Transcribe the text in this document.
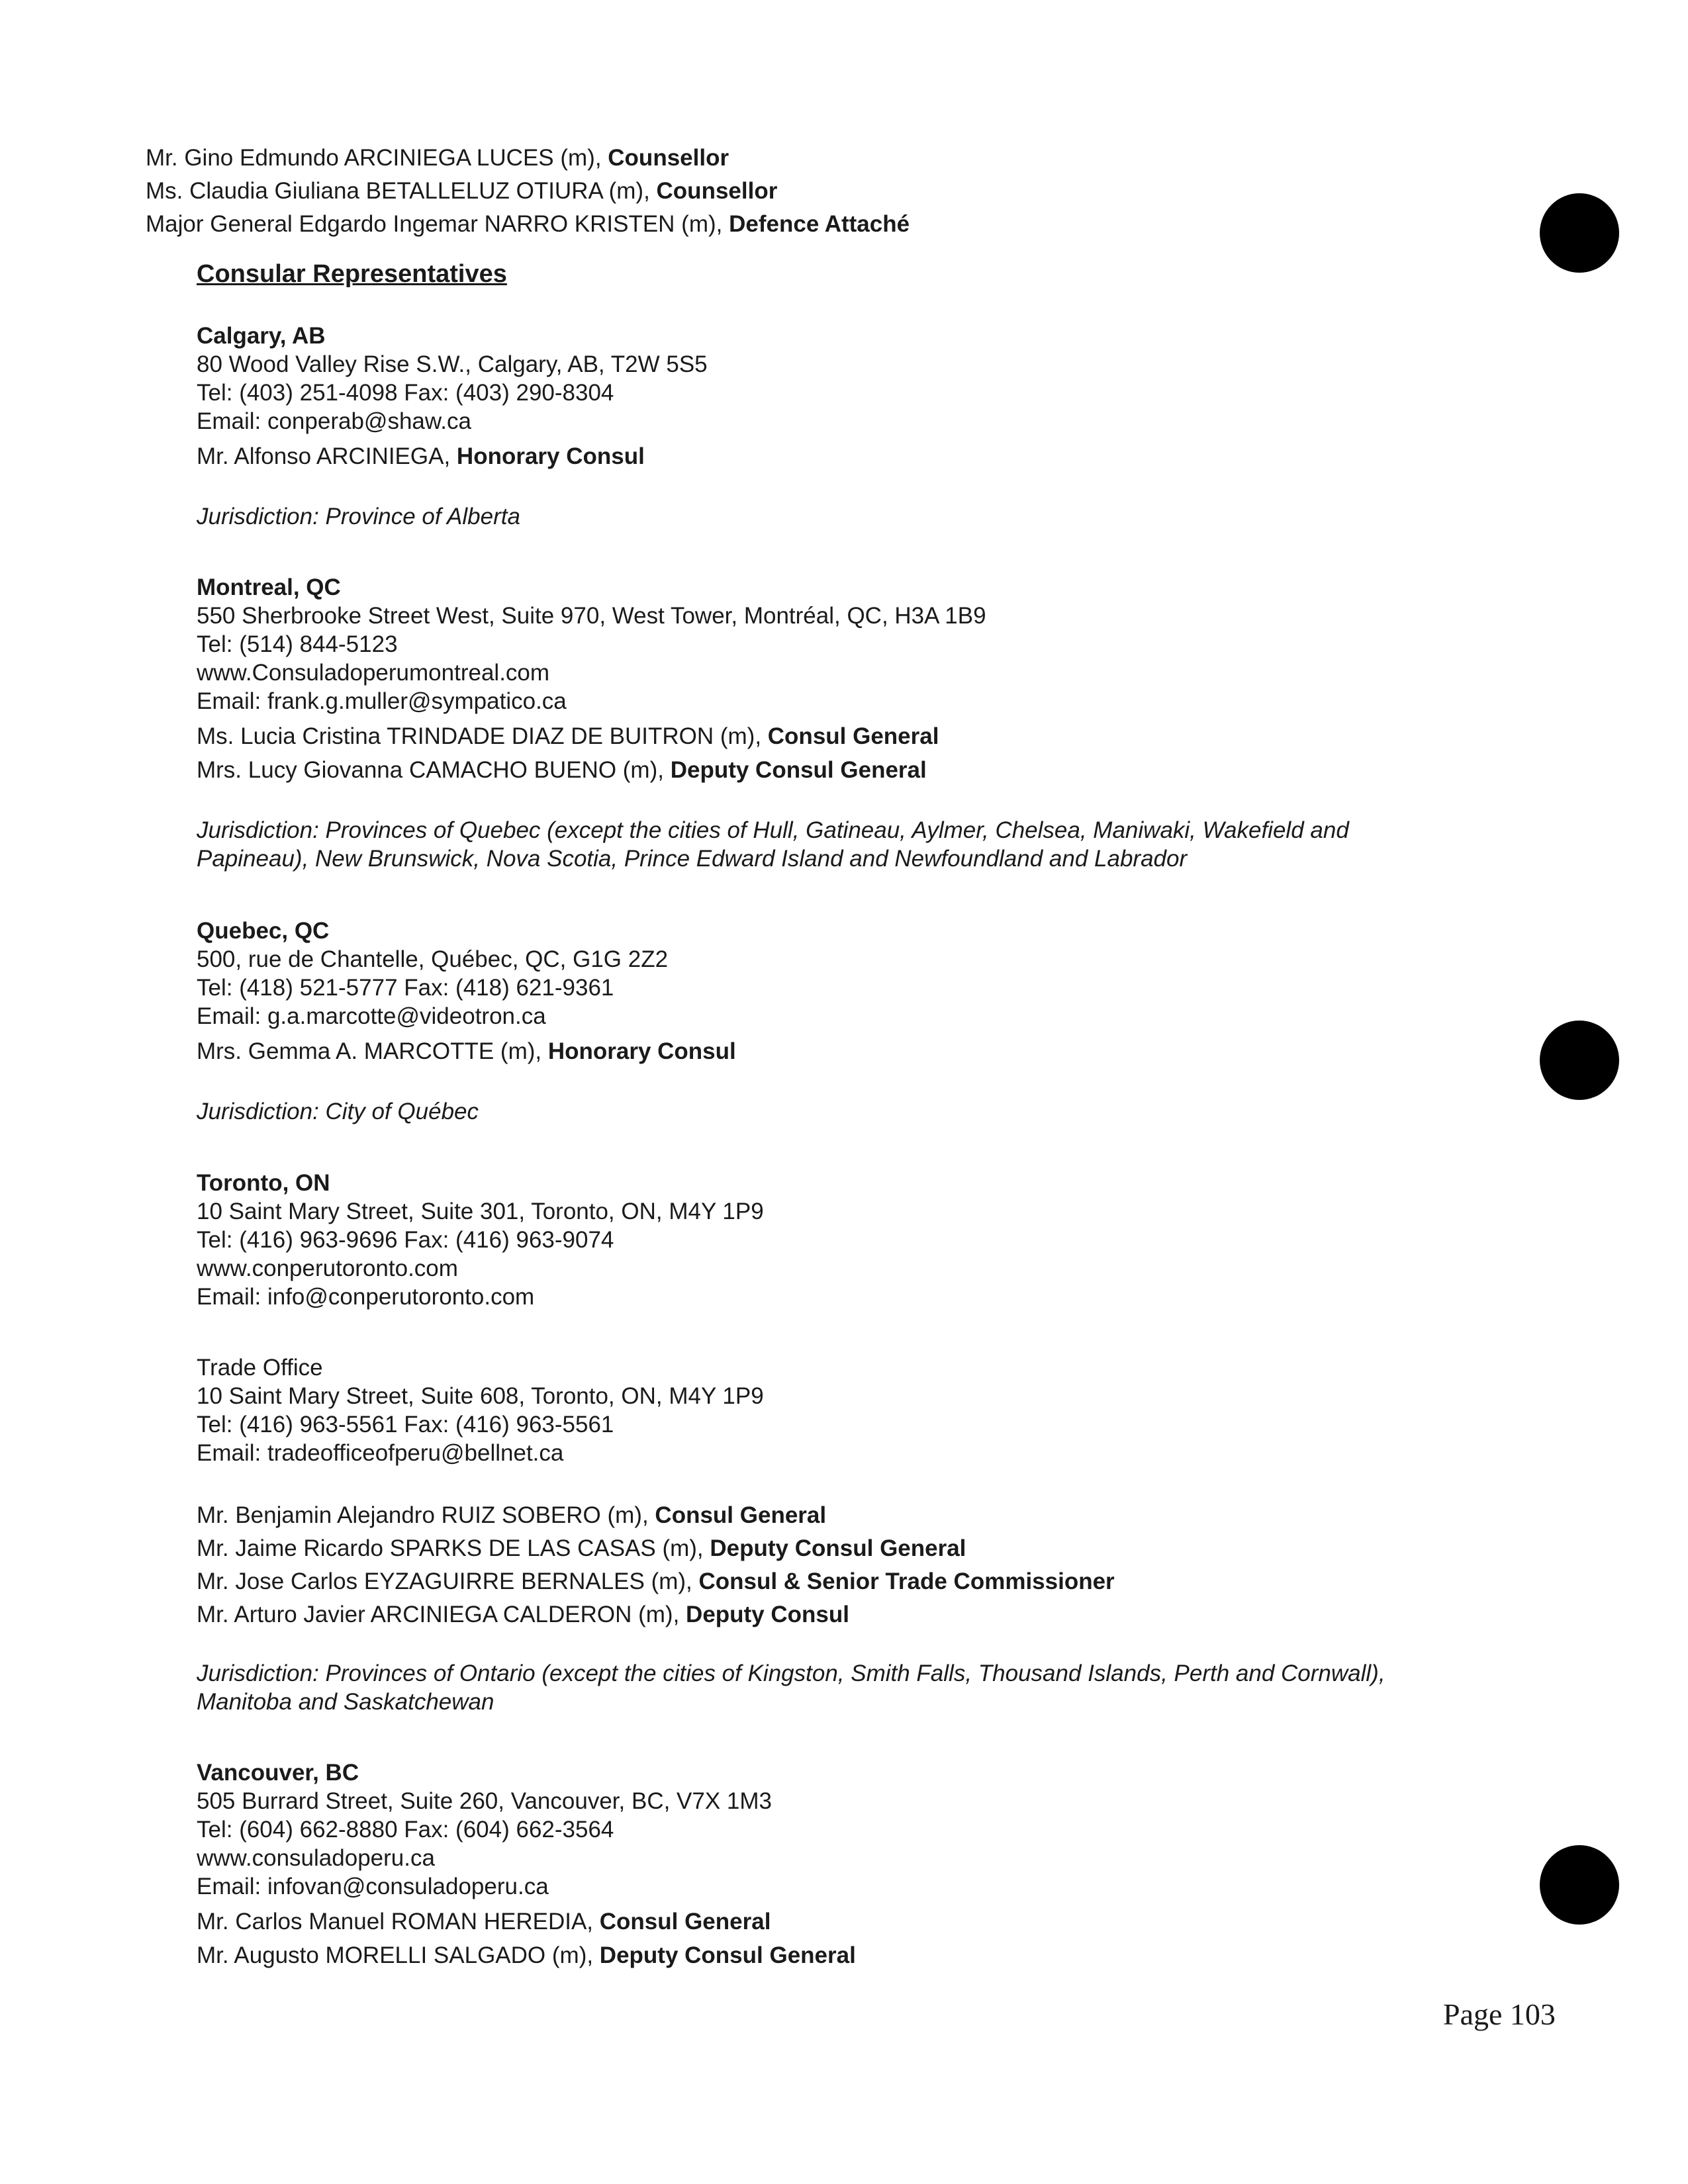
Mr. Gino Edmundo ARCINIEGA LUCES (m), Counsellor
Ms. Claudia Giuliana BETALLELUZ OTIURA (m), Counsellor
Major General Edgardo Ingemar NARRO KRISTEN (m), Defence Attaché
Consular Representatives
Calgary, AB
80 Wood Valley Rise S.W., Calgary, AB, T2W 5S5
Tel: (403) 251-4098 Fax: (403) 290-8304
Email: conperab@shaw.ca
Mr. Alfonso ARCINIEGA, Honorary Consul
Jurisdiction: Province of Alberta
Montreal, QC
550 Sherbrooke Street West, Suite 970, West Tower, Montréal, QC, H3A 1B9
Tel: (514) 844-5123
www.Consuladoperumontreal.com
Email: frank.g.muller@sympatico.ca
Ms. Lucia Cristina TRINDADE DIAZ DE BUITRON (m), Consul General
Mrs. Lucy Giovanna CAMACHO BUENO (m), Deputy Consul General
Jurisdiction: Provinces of Quebec (except the cities of Hull, Gatineau, Aylmer, Chelsea, Maniwaki, Wakefield and
Papineau), New Brunswick, Nova Scotia, Prince Edward Island and Newfoundland and Labrador
Quebec, QC
500, rue de Chantelle, Québec, QC, G1G 2Z2
Tel: (418) 521-5777 Fax: (418) 621-9361
Email: g.a.marcotte@videotron.ca
Mrs. Gemma A. MARCOTTE (m), Honorary Consul
Jurisdiction: City of Québec
Toronto, ON
10 Saint Mary Street, Suite 301, Toronto, ON, M4Y 1P9
Tel: (416) 963-9696 Fax: (416) 963-9074
www.conperutoronto.com
Email: info@conperutoronto.com
Trade Office
10 Saint Mary Street, Suite 608, Toronto, ON, M4Y 1P9
Tel: (416) 963-5561 Fax: (416) 963-5561
Email: tradeofficeofperu@bellnet.ca
Mr. Benjamin Alejandro RUIZ SOBERO (m), Consul General
Mr. Jaime Ricardo SPARKS DE LAS CASAS (m), Deputy Consul General
Mr. Jose Carlos EYZAGUIRRE BERNALES (m), Consul & Senior Trade Commissioner
Mr. Arturo Javier ARCINIEGA CALDERON (m), Deputy Consul
Jurisdiction: Provinces of Ontario (except the cities of Kingston, Smith Falls, Thousand Islands, Perth and Cornwall),
Manitoba and Saskatchewan
Vancouver, BC
505 Burrard Street, Suite 260, Vancouver, BC, V7X 1M3
Tel: (604) 662-8880 Fax: (604) 662-3564
www.consuladoperu.ca
Email: infovan@consuladoperu.ca
Mr. Carlos Manuel ROMAN HEREDIA, Consul General
Mr. Augusto MORELLI SALGADO (m), Deputy Consul General
Page 103
